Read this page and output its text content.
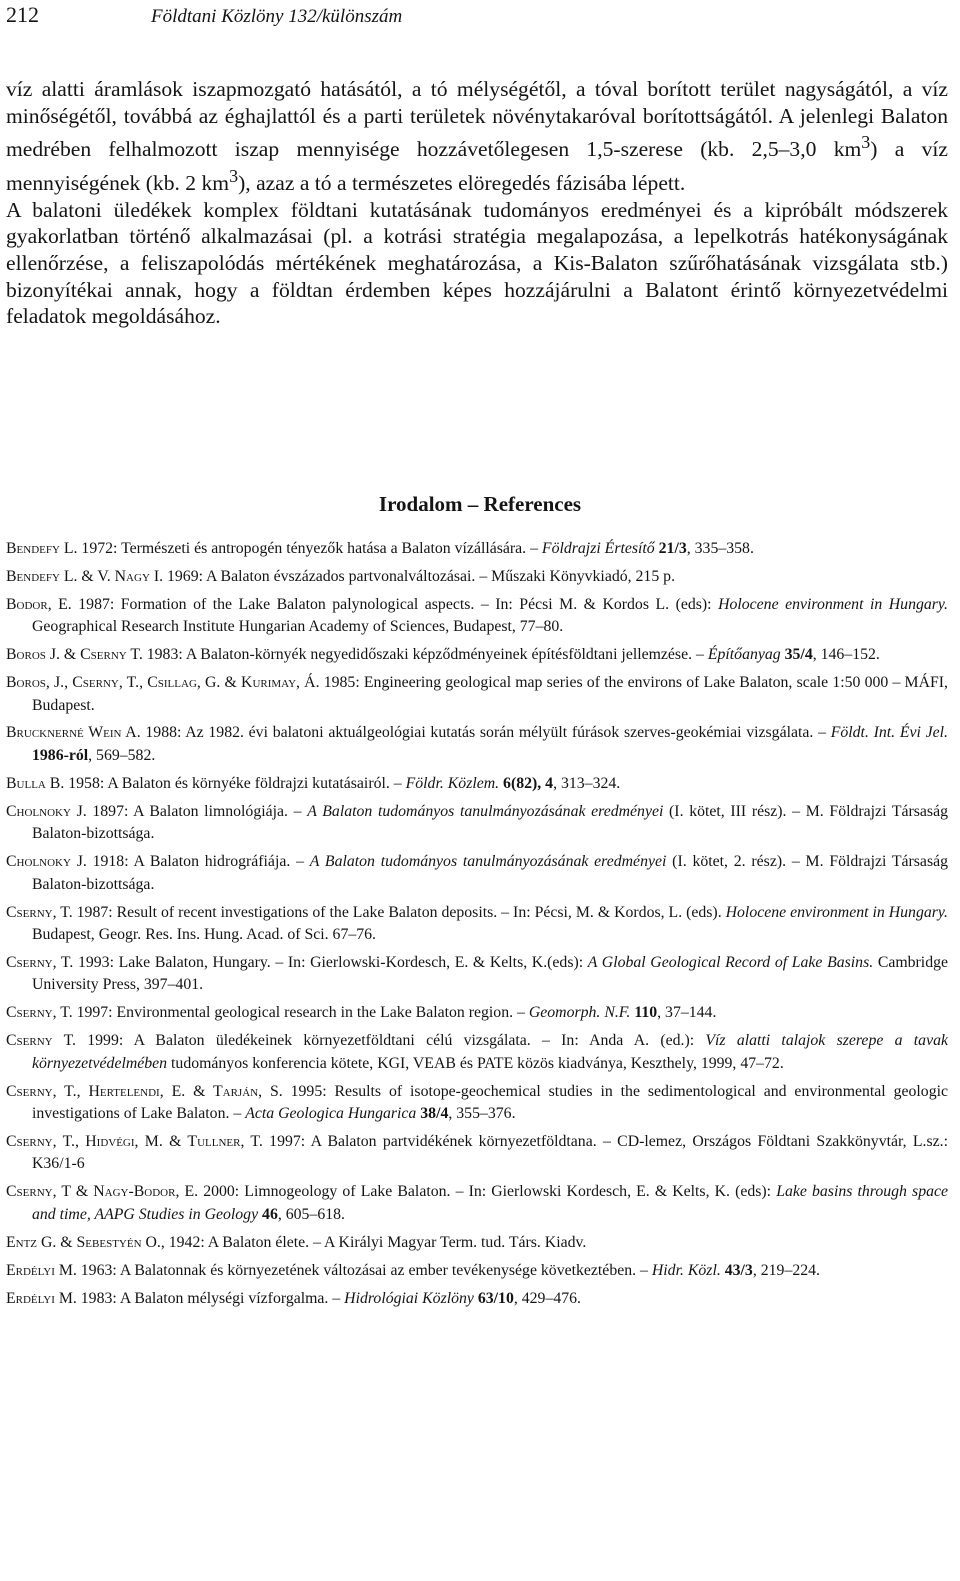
212	Földtani Közlöny 132/különszám

víz alatti áramlások iszapmozgató hatásától, a tó mélységétől, a tóval borított terület nagyságától, a víz minőségétől, továbbá az éghajlattól és a parti területek növénytakaróval borítottságától. A jelenlegi Balaton medrében felhalmozott iszap mennyisége hozzávetőlegesen 1,5-szerese (kb. 2,5–3,0 $km^3$) a víz mennyiségének (kb. 2 $km^3$), azaz a tó a természetes elöregedés fázisába lépett.

A balatoni üledékek komplex földtani kutatásának tudományos eredményei és a kipróbált módszerek gyakorlatban történő alkalmazásai (pl. a kotrási stratégia megalapozása, a lepelkotrás hatékonyságának ellenőrzése, a feliszapolódás mértékének meghatározása, a Kis-Balaton szűrőhatásának vizsgálata stb.) bizonyítékai annak, hogy a földtan érdemben képes hozzájárulni a Balatont érintő környezetvédelmi feladatok megoldásához.

Irodalom – References
Bendefy L. 1972: Természeti és antropogén tényezők hatása a Balaton vízállására. – Földrajzi Értesítő 21/3, 335–358.
Bendefy L. & V. Nagy I. 1969: A Balaton évszázados partvonalváltozásai. – Műszaki Könyvkiadó, 215 p.
Bodor, E. 1987: Formation of the Lake Balaton palynological aspects. – In: Pécsi M. & Kordos L. (eds): Holocene environment in Hungary. Geographical Research Institute Hungarian Academy of Sciences, Budapest, 77–80.
Boros J. & Cserny T. 1983: A Balaton-környék negyedidőszaki képződményeinek építésföldtani jellemzése. – Építőanyag 35/4, 146–152.
Boros, J., Cserny, T., Csillag, G. & Kurimay, Á. 1985: Engineering geological map series of the environs of Lake Balaton, scale 1:50 000 – MÁFI, Budapest.
Brucknerné Wein A. 1988: Az 1982. évi balatoni aktuálgeológiai kutatás során mélyült fúrások szerves-geokémiai vizsgálata. – Földt. Int. Évi Jel. 1986-ról, 569–582.
Bulla B. 1958: A Balaton és környéke földrajzi kutatásairól. – Földr. Közlem. 6(82), 4, 313–324.
Cholnoky J. 1897: A Balaton limnológiája. – A Balaton tudományos tanulmányozásának eredményei (I. kötet, III rész). – M. Földrajzi Társaság Balaton-bizottsága.
Cholnoky J. 1918: A Balaton hidrográfiája. – A Balaton tudományos tanulmányozásának eredményei (I. kötet, 2. rész). – M. Földrajzi Társaság Balaton-bizottsága.
Cserny, T. 1987: Result of recent investigations of the Lake Balaton deposits. – In: Pécsi, M. & Kordos, L. (eds). Holocene environment in Hungary. Budapest, Geogr. Res. Ins. Hung. Acad. of Sci. 67–76.
Cserny, T. 1993: Lake Balaton, Hungary. – In: Gierlowski-Kordesch, E. & Kelts, K.(eds): A Global Geological Record of Lake Basins. Cambridge University Press, 397–401.
Cserny, T. 1997: Environmental geological research in the Lake Balaton region. – Geomorph. N.F. 110, 37–144.
Cserny T. 1999: A Balaton üledékeinek környezetföldtani célú vizsgálata. – In: Anda A. (ed.): Víz alatti talajok szerepe a tavak környezetvédelmében tudományos konferencia kötete, KGI, VEAB és PATE közös kiadványa, Keszthely, 1999, 47–72.
Cserny, T., Hertelendi, E. & Tarján, S. 1995: Results of isotope-geochemical studies in the sedimentological and environmental geologic investigations of Lake Balaton. – Acta Geologica Hungarica 38/4, 355–376.
Cserny, T., Hidvégi, M. & Tullner, T. 1997: A Balaton partvidékének környezetföldtana. – CD-lemez, Országos Földtani Szakkönyvtár, L.sz.: K36/1-6
Cserny, T & Nagy-Bodor, E. 2000: Limnogeology of Lake Balaton. – In: Gierlowski Kordesch, E. & Kelts, K. (eds): Lake basins through space and time, AAPG Studies in Geology 46, 605–618.
Entz G. & Sebestyén O., 1942: A Balaton élete. – A Királyi Magyar Term. tud. Társ. Kiadv.
Erdélyi M. 1963: A Balatonnak és környezetének változásai az ember tevékenysége következtében. – Hidr. Közl. 43/3, 219–224.
Erdélyi M. 1983: A Balaton mélységi vízforgalma. – Hidrológiai Közlöny 63/10, 429–476.
